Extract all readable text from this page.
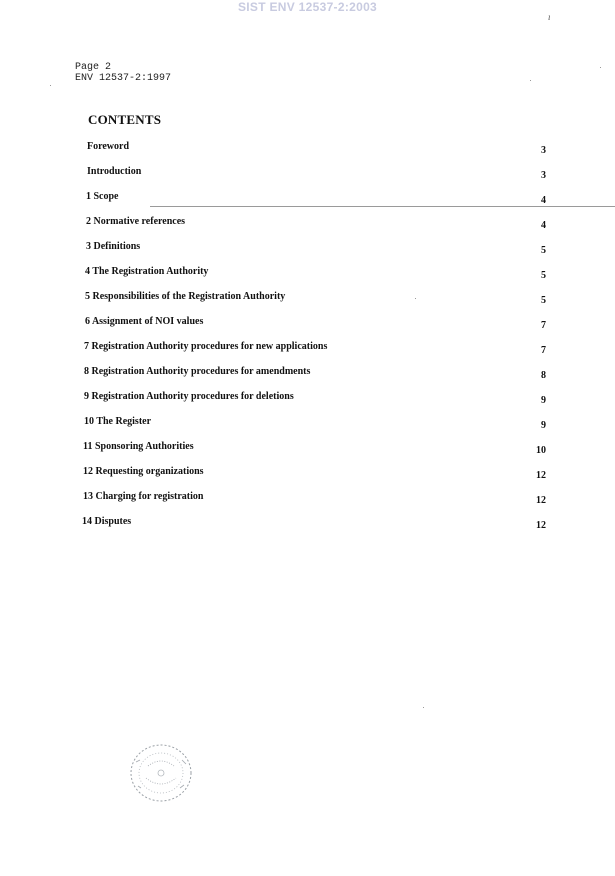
SIST ENV 12537-2:2003
ı
Page 2
ENV 12537-2:1997
CONTENTS
Foreword	3
Introduction	3
1 Scope	4
2 Normative references	4
3 Definitions	5
4 The Registration Authority	5
5 Responsibilities of the Registration Authority	5
6 Assignment of NOI values	7
7 Registration Authority procedures for new applications	7
8 Registration Authority procedures for amendments	8
9 Registration Authority procedures for deletions	9
10 The Register	9
11 Sponsoring Authorities	10
12 Requesting organizations	12
13 Charging for registration	12
14 Disputes	12
